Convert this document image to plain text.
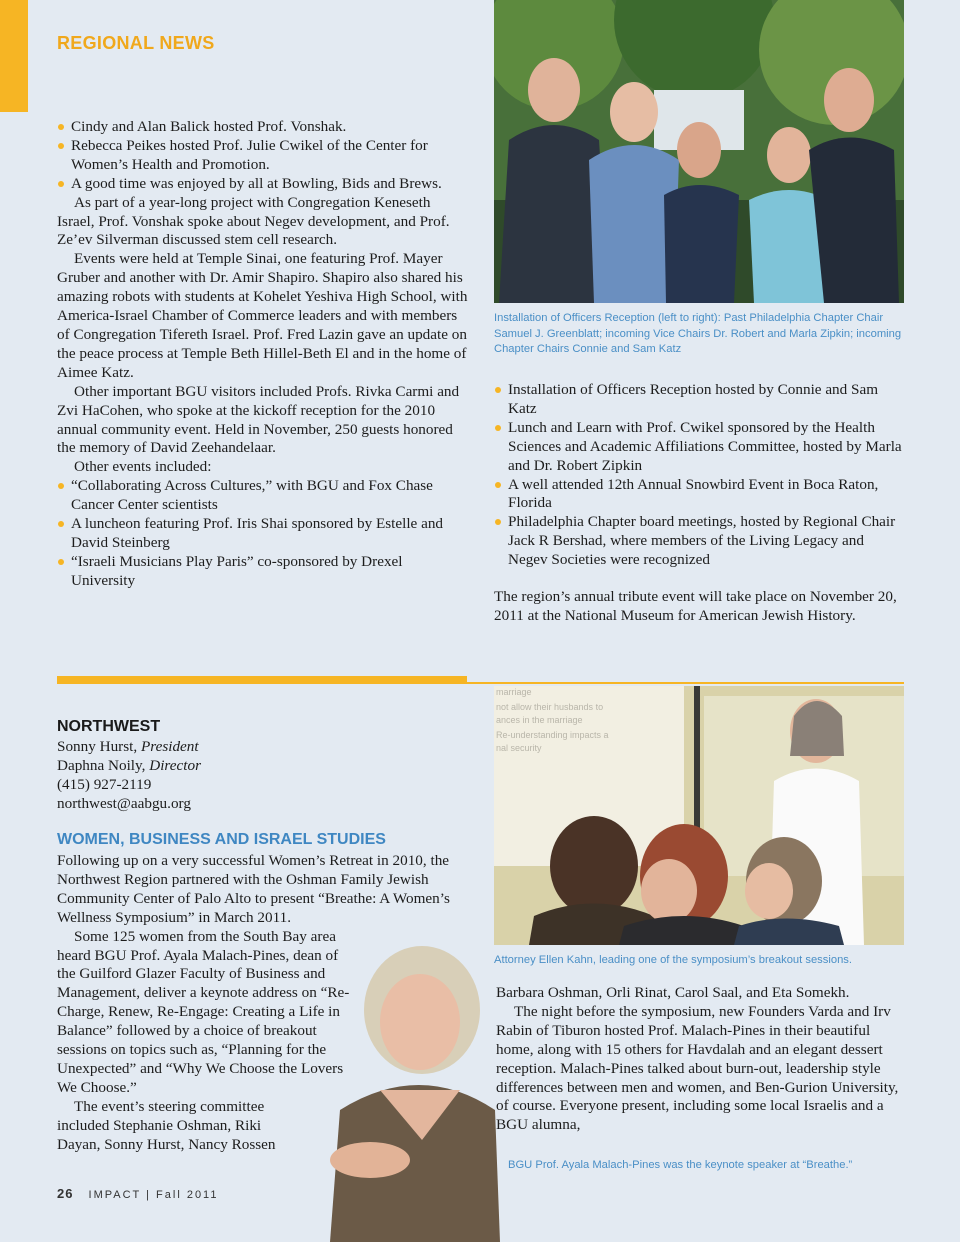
REGIONAL NEWS
Cindy and Alan Balick hosted Prof. Vonshak.
Rebecca Peikes hosted Prof. Julie Cwikel of the Center for Women’s Health and Promotion.
A good time was enjoyed by all at Bowling, Bids and Brews.

As part of a year-long project with Congregation Keneseth Israel, Prof. Vonshak spoke about Negev development, and Prof. Ze’ev Silverman discussed stem cell research.

Events were held at Temple Sinai, one featuring Prof. Mayer Gruber and another with Dr. Amir Shapiro. Shapiro also shared his amazing robots with students at Kohelet Yeshiva High School, with America-Israel Chamber of Commerce leaders and with members of Congregation Tifereth Israel. Prof. Fred Lazin gave an update on the peace process at Temple Beth Hillel-Beth El and in the home of Aimee Katz.

Other important BGU visitors included Profs. Rivka Carmi and Zvi HaCohen, who spoke at the kickoff reception for the 2010 annual community event. Held in November, 250 guests honored the memory of David Zeehandelaar.

Other events included:

“Collaborating Across Cultures,” with BGU and Fox Chase Cancer Center scientists
A luncheon featuring Prof. Iris Shai sponsored by Estelle and David Steinberg
“Israeli Musicians Play Paris” co-sponsored by Drexel University
Installation of Officers Reception (left to right): Past Philadelphia Chapter Chair Samuel J. Greenblatt; incoming Vice Chairs Dr. Robert and Marla Zipkin; incoming Chapter Chairs Connie and Sam Katz
Installation of Officers Reception hosted by Connie and Sam Katz
Lunch and Learn with Prof. Cwikel sponsored by the Health Sciences and Academic Affiliations Committee, hosted by Marla and Dr. Robert Zipkin
A well attended 12th Annual Snowbird Event in Boca Raton, Florida
Philadelphia Chapter board meetings, hosted by Regional Chair Jack R Bershad, where members of the Living Legacy and Negev Societies were recognized

The region’s annual tribute event will take place on November 20, 2011 at the National Museum for American Jewish History.

NORTHWEST
Sonny Hurst, President
Daphna Noily, Director
(415) 927-2119
northwest@aabgu.org
WOMEN, BUSINESS AND ISRAEL STUDIES

Following up on a very successful Women’s Retreat in 2010, the Northwest Region partnered with the Oshman Family Jewish Community Center of Palo Alto to present “Breathe: A Women’s Wellness Symposium” in March 2011.

Some 125 women from the South Bay area heard BGU Prof. Ayala Malach-Pines, dean of the Guilford Glazer Faculty of Business and Management, deliver a keynote address on “Re-Charge, Renew, Re-Engage: Creating a Life in Balance” followed by a choice of breakout sessions on topics such as, “Planning for the Unexpected” and “Why We Choose the Lovers We Choose.”

The event’s steering committee included Stephanie Oshman, Riki Dayan, Sonny Hurst, Nancy Rossen

marriage
not allow their husbands to
ances in the marriage
Re-understanding impacts a
nal security
Attorney Ellen Kahn, leading one of the symposium’s breakout sessions.

Barbara Oshman, Orli Rinat, Carol Saal, and Eta Somekh.

The night before the symposium, new Founders Varda and Irv Rabin of Tiburon hosted Prof. Malach-Pines in their beautiful home, along with 15 others for Havdalah and an elegant dessert reception. Malach-Pines talked about burn-out, leadership style differences between men and women, and Ben-Gurion University, of course. Everyone present, including some local Israelis and a BGU alumna,

BGU Prof. Ayala Malach-Pines was the keynote speaker at “Breathe.”
26 IMPACT | Fall 2011
